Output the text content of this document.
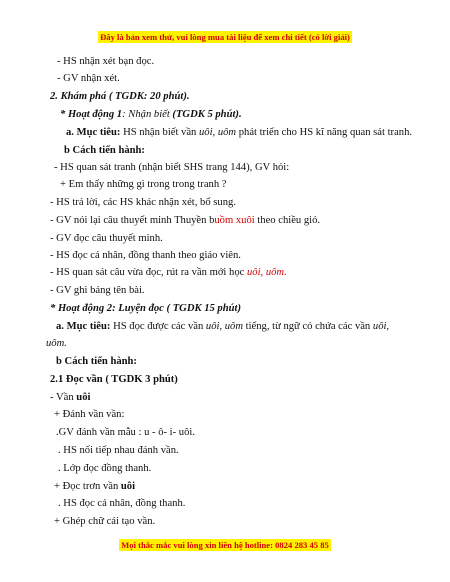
Đây là bản xem thử, vui lòng mua tài liệu để xem chi tiết (có lời giải)
- HS nhận xét bạn đọc.
- GV nhận xét.
2. Khám phá ( TGDK: 20 phút).
* Hoạt động 1: Nhận biết (TGDK 5 phút).
a. Mục tiêu: HS nhận biết vần uôi, uôm phát triển cho HS kĩ năng quan sát tranh.
b Cách tiến hành:
- HS quan sát tranh (nhận biết SHS trang 144), GV hỏi:
+ Em thấy những gì trong trong tranh ?
- HS trả lời, các HS khác nhận xét, bổ sung.
- GV nói lại câu thuyết minh Thuyền buồm xuôi theo chiều gió.
- GV đọc câu thuyết minh.
- HS đọc cá nhân, đồng thanh theo giáo viên.
- HS quan sát câu vừa đọc, rút ra vần mới học uôi, uôm.
- GV ghi bảng tên bài.
* Hoạt động 2: Luyện đọc ( TGDK 15 phút)
a. Mục tiêu: HS đọc được các vần uôi, uôm tiếng, từ ngữ có chứa các vần uôi,
uôm.
b Cách tiến hành:
2.1 Đọc vần ( TGDK 3 phút)
- Vần uôi
+ Đánh vần vần:
.GV đánh vần mẫu : u - ô- i- uôi.
. HS nối tiếp nhau đánh vần.
. Lớp đọc đồng thanh.
+ Đọc trơn vần uôi
. HS đọc cá nhân, đồng thanh.
+ Ghép chữ cái tạo vần.
Mọi thắc mắc vui lòng xin liên hệ hotline: 0824 283 45 85
